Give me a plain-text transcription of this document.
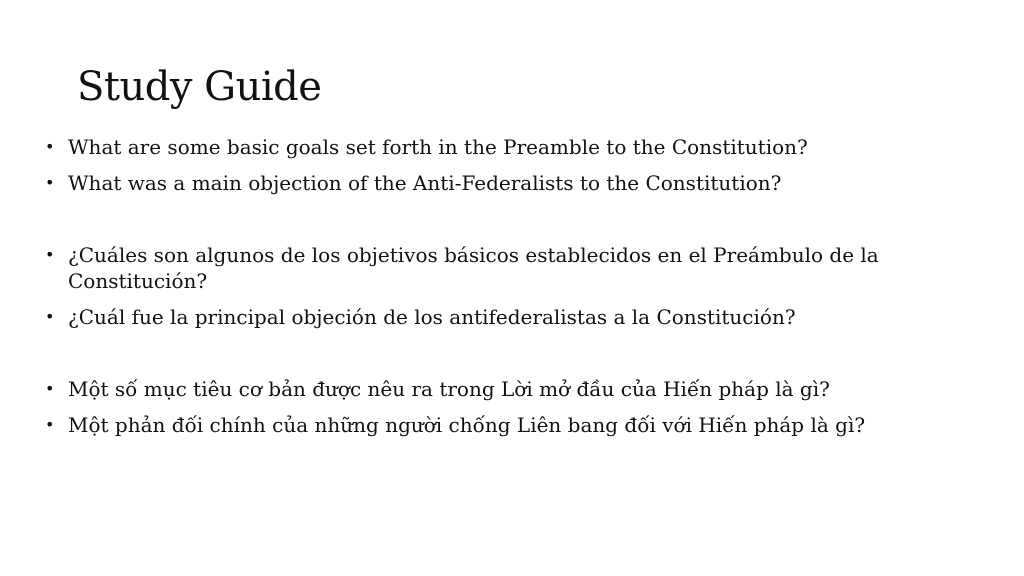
Study Guide
• What are some basic goals set forth in the Preamble to the Constitution?
• What was a main objection of the Anti-Federalists to the Constitution?
• ¿Cuáles son algunos de los objetivos básicos establecidos en el Preámbulo de la Constitución?
• ¿Cuál fue la principal objeción de los antifederalistas a la Constitución?
• Một số mục tiêu cơ bản được nêu ra trong Lời mở đầu của Hiến pháp là gì?
• Một phản đối chính của những người chống Liên bang đối với Hiến pháp là gì?
